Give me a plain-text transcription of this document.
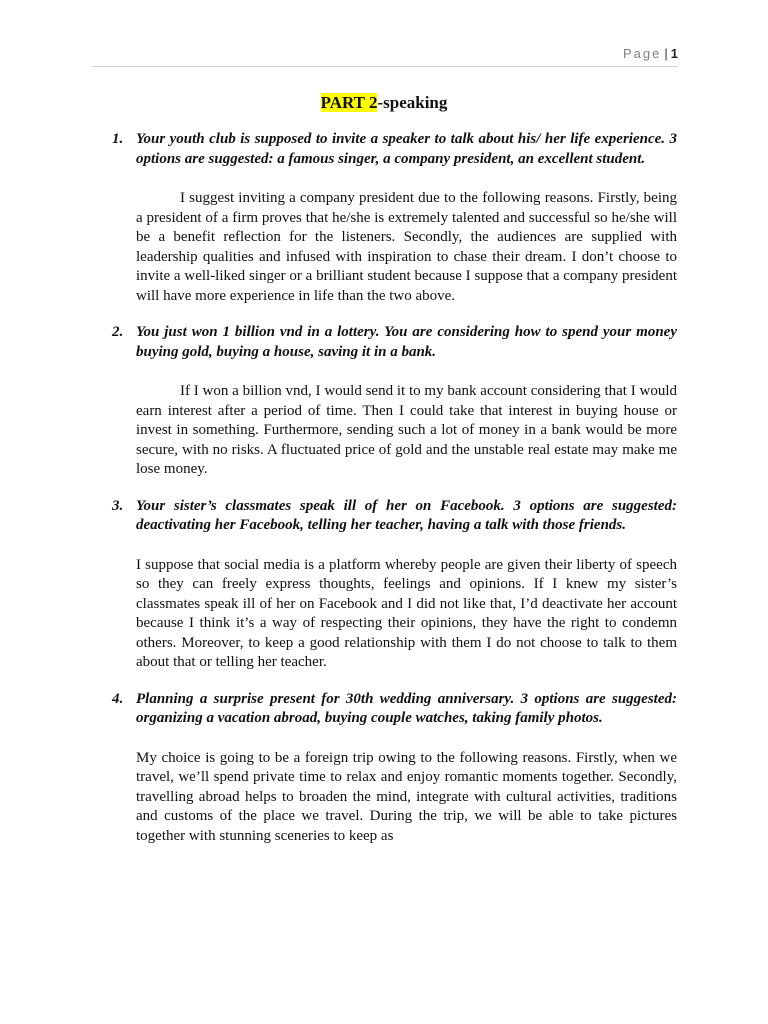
Page | 1
PART 2-speaking

1. Your youth club is supposed to invite a speaker to talk about his/ her life experience. 3 options are suggested: a famous singer, a company president, an excellent student.

I suggest inviting a company president due to the following reasons. Firstly, being a president of a firm proves that he/she is extremely talented and successful so he/she will be a benefit reflection for the listeners. Secondly, the audiences are supplied with leadership qualities and infused with inspiration to chase their dream. I don’t choose to invite a well-liked singer or a brilliant student because I suppose that a company president will have more experience in life than the two above.

2. You just won 1 billion vnd in a lottery. You are considering how to spend your money buying gold, buying a house, saving it in a bank.

If I won a billion vnd, I would send it to my bank account considering that I would earn interest after a period of time. Then I could take that interest in buying house or invest in something. Furthermore, sending such a lot of money in a bank would be more secure, with no risks. A fluctuated price of gold and the unstable real estate may make me lose money.

3. Your sister’s classmates speak ill of her on Facebook. 3 options are suggested: deactivating her Facebook, telling her teacher, having a talk with those friends.

I suppose that social media is a platform whereby people are given their liberty of speech so they can freely express thoughts, feelings and opinions. If I knew my sister’s classmates speak ill of her on Facebook and I did not like that, I’d deactivate her account because I think it’s a way of respecting their opinions, they have the right to condemn others. Moreover, to keep a good relationship with them I do not choose to talk to them about that or telling her teacher.

4. Planning a surprise present for 30th wedding anniversary. 3 options are suggested: organizing a vacation abroad, buying couple watches, taking family photos.

My choice is going to be a foreign trip owing to the following reasons. Firstly, when we travel, we’ll spend private time to relax and enjoy romantic moments together. Secondly, travelling abroad helps to broaden the mind, integrate with cultural activities, traditions and customs of the place we travel. During the trip, we will be able to take pictures together with stunning sceneries to keep as
